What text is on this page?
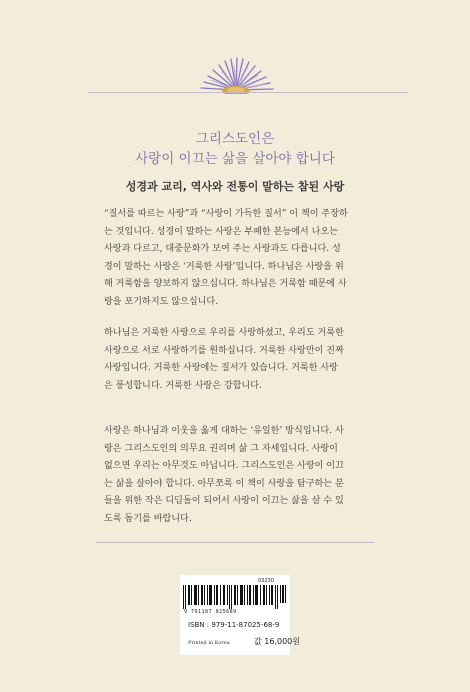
그리스도인은
사랑이 이끄는 삶을 살아야 합니다
성경과 교리, 역사와 전통이 말하는 참된 사랑
“질서를 따르는 사랑”과 “사랑이 가득한 질서” 이 책이 주장하
는 것입니다. 성경이 말하는 사랑은 부패한 본능에서 나오는
사랑과 다르고, 대중문화가 보여 주는 사랑과도 다릅니다. 성
경이 말하는 사랑은 ‘거룩한 사랑’입니다. 하나님은 사랑을 위
해 거룩함을 양보하지 않으십니다. 하나님은 거룩함 때문에 사
랑을 포기하지도 않으십니다.
하나님은 거룩한 사랑으로 우리를 사랑하셨고, 우리도 거룩한
사랑으로 서로 사랑하기를 원하십니다. 거룩한 사랑만이 진짜
사랑입니다. 거룩한 사랑에는 질서가 있습니다. 거룩한 사랑
은 풍성합니다. 거룩한 사랑은 강합니다.
사랑은 하나님과 이웃을 옳게 대하는 ‘유일한’ 방식입니다. 사
랑은 그리스도인의 의무요 권리며 삶 그 자세입니다. 사랑이
없으면 우리는 아무것도 아닙니다. 그리스도인은 사랑이 이끄
는 삶을 살아야 합니다. 아무쪼록 이 책이 사랑을 탐구하는 분
들을 위한 작은 디딤돌이 되어서 사랑이 이끄는 삶을 살 수 있
도록 돕기를 바랍니다.
03230
9 791187 025689
ISBN : 979-11-87025-68-9
Printed in Korea	값 16,000원
